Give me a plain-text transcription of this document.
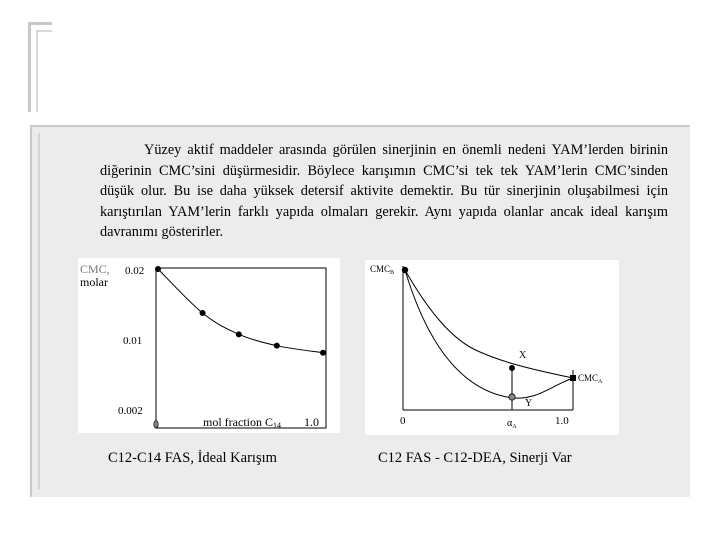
Yüzey aktif maddeler arasında görülen sinerjinin en önemli nedeni YAM’lerden birinin diğerinin CMC’sini düşürmesidir. Böylece karışımın CMC’si tek tek YAM’lerin CMC’sinden düşük olur. Bu ise daha yüksek detersif aktivite demektir. Bu tür sinerjinin oluşabilmesi için karıştırılan YAM’lerin farklı yapıda olmaları gerekir. Aynı yapıda olanlar ancak ideal karışım davranımı gösterirler.

CMC,
molar
0.02
0.01
0.002
0	mol fraction C14 1.0
$CMC_B$
X
$CMC_A$
Y
0	$\alpha_A$	1.0
C12-C14 FAS, İdeal Karışım	C12 FAS - C12-DEA, Sinerji Var
